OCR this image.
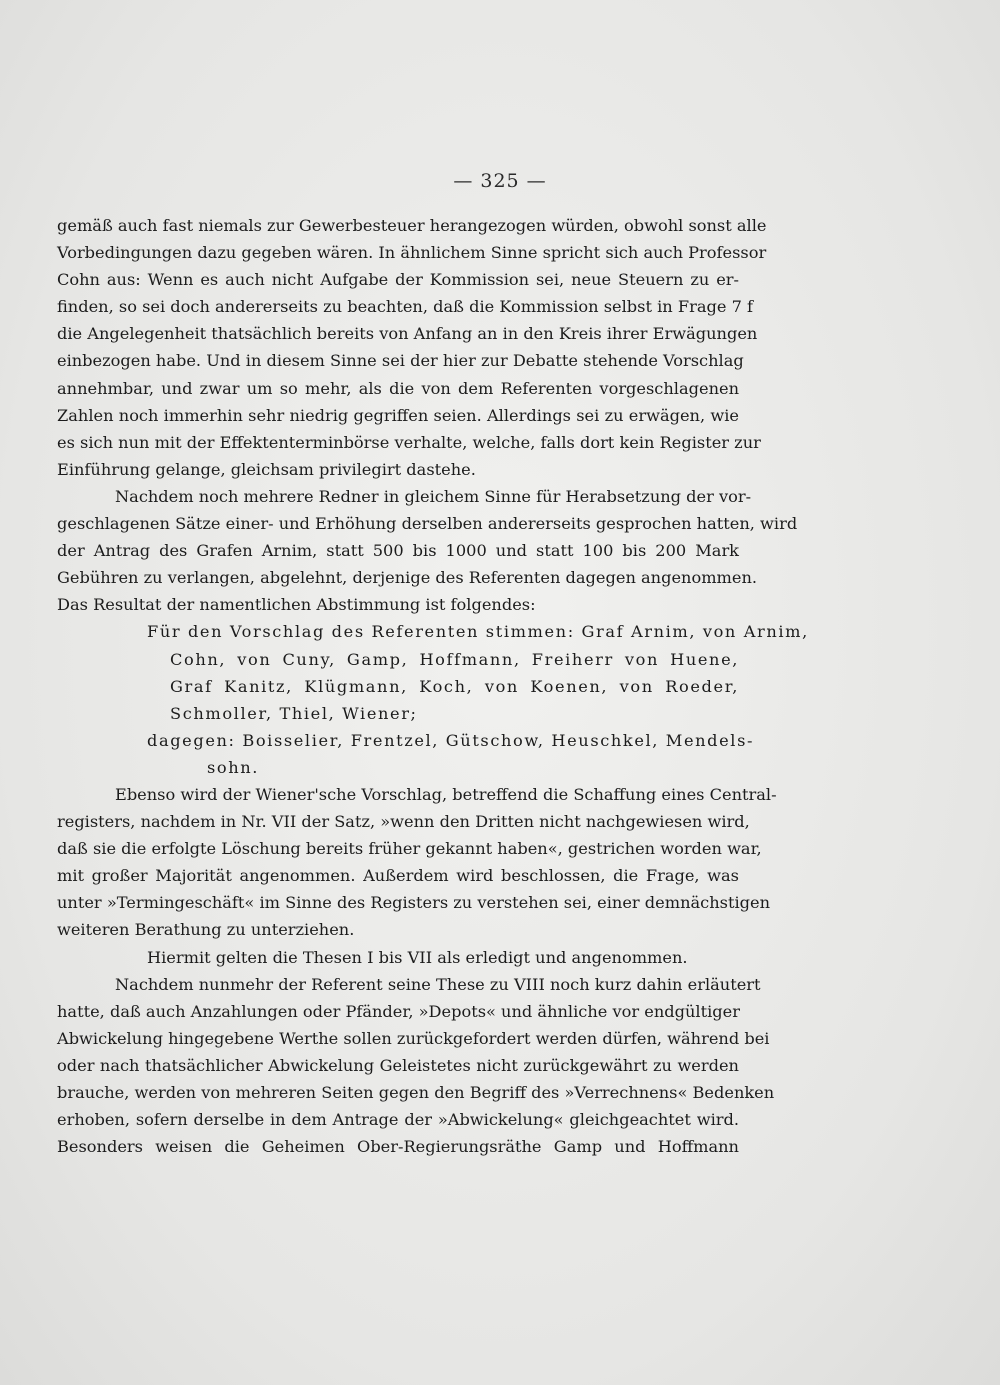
— 325 —
gemäß auch fast niemals zur Gewerbesteuer herangezogen würden, obwohl sonst alle
Vorbedingungen dazu gegeben wären. In ähnlichem Sinne spricht sich auch Professor
Cohn aus: Wenn es auch nicht Aufgabe der Kommission sei, neue Steuern zu er-
finden, so sei doch andererseits zu beachten, daß die Kommission selbst in Frage 7 f
die Angelegenheit thatsächlich bereits von Anfang an in den Kreis ihrer Erwägungen
einbezogen habe. Und in diesem Sinne sei der hier zur Debatte stehende Vorschlag
annehmbar, und zwar um so mehr, als die von dem Referenten vorgeschlagenen
Zahlen noch immerhin sehr niedrig gegriffen seien. Allerdings sei zu erwägen, wie
es sich nun mit der Effektenterminbörse verhalte, welche, falls dort kein Register zur
Einführung gelange, gleichsam privilegirt dastehe.
Nachdem noch mehrere Redner in gleichem Sinne für Herabsetzung der vor-
geschlagenen Sätze einer- und Erhöhung derselben andererseits gesprochen hatten, wird
der Antrag des Grafen Arnim, statt 500 bis 1000 und statt 100 bis 200 Mark
Gebühren zu verlangen, abgelehnt, derjenige des Referenten dagegen angenommen.
Das Resultat der namentlichen Abstimmung ist folgendes:
Für den Vorschlag des Referenten stimmen: Graf Arnim, von Arnim,
Cohn, von Cuny, Gamp, Hoffmann, Freiherr von Huene,
Graf Kanitz, Klügmann, Koch, von Koenen, von Roeder,
Schmoller, Thiel, Wiener;
dagegen: Boisselier, Frentzel, Gütschow, Heuschkel, Mendels-
sohn.
Ebenso wird der Wiener'sche Vorschlag, betreffend die Schaffung eines Central-
registers, nachdem in Nr. VII der Satz, »wenn den Dritten nicht nachgewiesen wird,
daß sie die erfolgte Löschung bereits früher gekannt haben«, gestrichen worden war,
mit großer Majorität angenommen. Außerdem wird beschlossen, die Frage, was
unter »Termingeschäft« im Sinne des Registers zu verstehen sei, einer demnächstigen
weiteren Berathung zu unterziehen.
Hiermit gelten die Thesen I bis VII als erledigt und angenommen.
Nachdem nunmehr der Referent seine These zu VIII noch kurz dahin erläutert
hatte, daß auch Anzahlungen oder Pfänder, »Depots« und ähnliche vor endgültiger
Abwickelung hingegebene Werthe sollen zurückgefordert werden dürfen, während bei
oder nach thatsächlicher Abwickelung Geleistetes nicht zurückgewährt zu werden
brauche, werden von mehreren Seiten gegen den Begriff des »Verrechnens« Bedenken
erhoben, sofern derselbe in dem Antrage der »Abwickelung« gleichgeachtet wird.
Besonders weisen die Geheimen Ober-Regierungsräthe Gamp und Hoffmann
